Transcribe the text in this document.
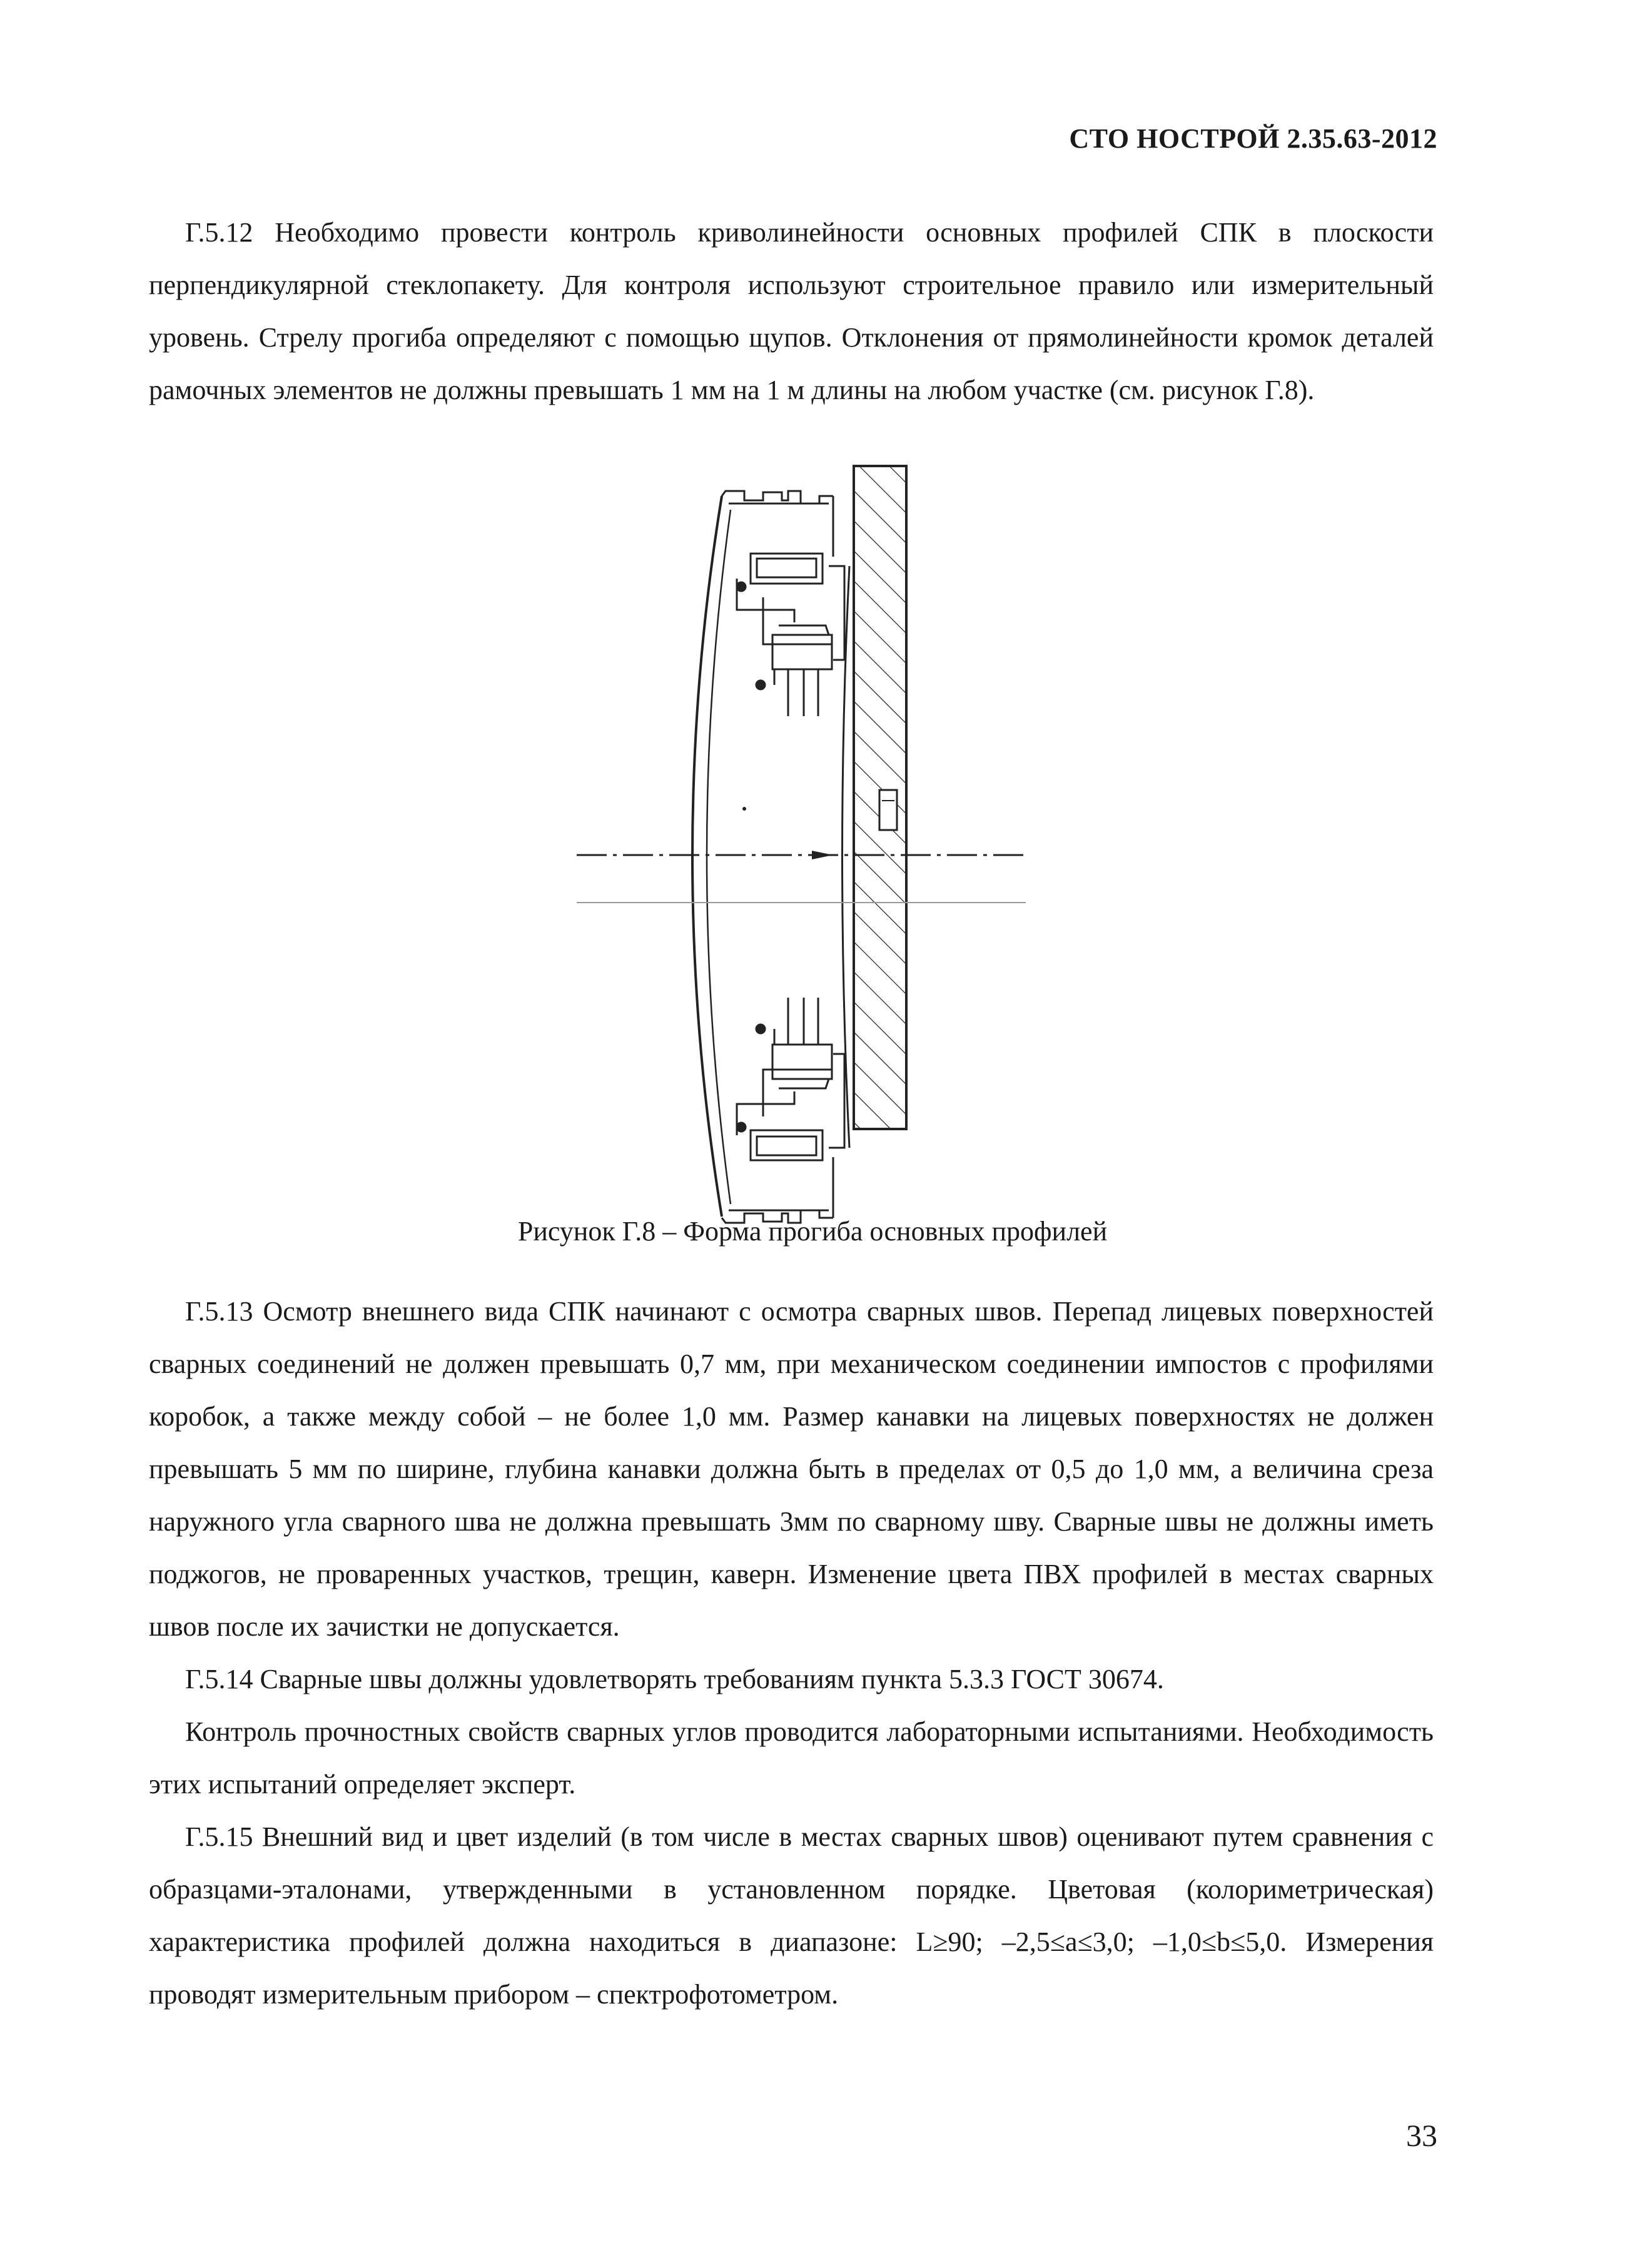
СТО НОСТРОЙ 2.35.63-2012

Г.5.12 Необходимо провести контроль криволинейности основных профилей СПК в плоскости перпендикулярной стеклопакету. Для контроля используют строительное правило или измерительный уровень. Стрелу прогиба определяют с помощью щупов. Отклонения от прямолинейности кромок деталей рамочных элементов не должны превышать 1 мм на 1 м длины на любом участке (см. рисунок Г.8).

Рисунок Г.8 – Форма прогиба основных профилей

Г.5.13 Осмотр внешнего вида СПК начинают с осмотра сварных швов. Перепад лицевых поверхностей сварных соединений не должен превышать 0,7 мм, при механическом соединении импостов с профилями коробок, а также между собой – не более 1,0 мм. Размер канавки на лицевых поверхностях не должен превышать 5 мм по ширине, глубина канавки должна быть в пределах от 0,5 до 1,0 мм, а величина среза наружного угла сварного шва не должна превышать 3мм по сварному шву. Сварные швы не должны иметь поджогов, не проваренных участков, трещин, каверн. Изменение цвета ПВХ профилей в местах сварных швов после их зачистки не допускается.

Г.5.14 Сварные швы должны удовлетворять требованиям пункта 5.3.3 ГОСТ 30674.

Контроль прочностных свойств сварных углов проводится лабораторными испытаниями. Необходимость этих испытаний определяет эксперт.

Г.5.15 Внешний вид и цвет изделий (в том числе в местах сварных швов) оценивают путем сравнения с образцами-эталонами, утвержденными в установленном порядке. Цветовая (колориметрическая) характеристика профилей должна находиться в диапазоне: L≥90; –2,5≤a≤3,0; –1,0≤b≤5,0. Измерения проводят измерительным прибором – спектрофотометром.

33
